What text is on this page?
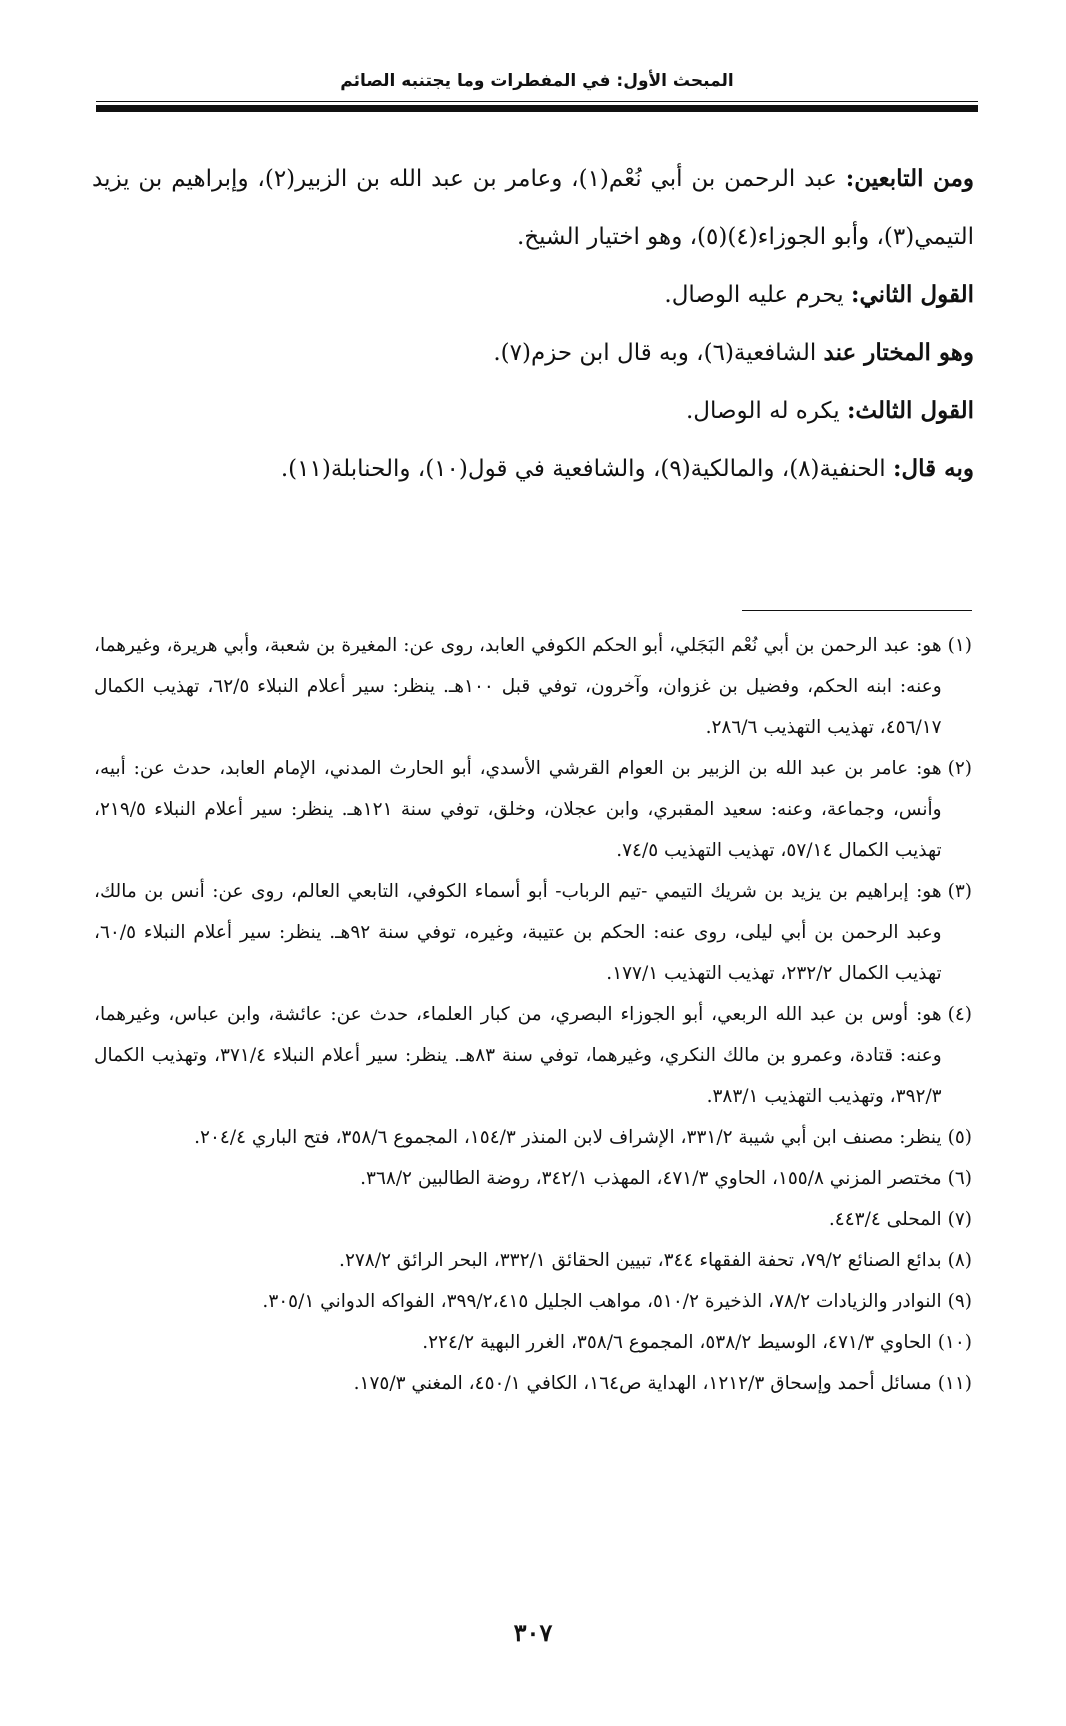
المبحث الأول: في المفطرات وما يجتنبه الصائم

ومن التابعين: عبد الرحمن بن أبي نُعْم(١)، وعامر بن عبد الله بن الزبير(٢)، وإبراهيم بن يزيد التيمي(٣)، وأبو الجوزاء(٤)(٥)، وهو اختيار الشيخ.

القول الثاني: يحرم عليه الوصال.

وهو المختار عند الشافعية(٦)، وبه قال ابن حزم(٧).

القول الثالث: يكره له الوصال.

وبه قال: الحنفية(٨)، والمالكية(٩)، والشافعية في قول(١٠)، والحنابلة(١١).

(١)
هو: عبد الرحمن بن أبي نُعْم البَجَلي، أبو الحكم الكوفي العابد، روى عن: المغيرة بن شعبة، وأبي هريرة، وغيرهما، وعنه: ابنه الحكم، وفضيل بن غزوان، وآخرون، توفي قبل ١٠٠هـ. ينظر: سير أعلام النبلاء ٦٢/٥، تهذيب الكمال ٤٥٦/١٧، تهذيب التهذيب ٢٨٦/٦.

(٢)
هو: عامر بن عبد الله بن الزبير بن العوام القرشي الأسدي، أبو الحارث المدني، الإمام العابد، حدث عن: أبيه، وأنس، وجماعة، وعنه: سعيد المقبري، وابن عجلان، وخلق، توفي سنة ١٢١هـ. ينظر: سير أعلام النبلاء ٢١٩/٥، تهذيب الكمال ٥٧/١٤، تهذيب التهذيب ٧٤/٥.

(٣)
هو: إبراهيم بن يزيد بن شريك التيمي -تيم الرباب- أبو أسماء الكوفي، التابعي العالم، روى عن: أنس بن مالك، وعبد الرحمن بن أبي ليلى، روى عنه: الحكم بن عتيبة، وغيره، توفي سنة ٩٢هـ. ينظر: سير أعلام النبلاء ٦٠/٥، تهذيب الكمال ٢٣٢/٢، تهذيب التهذيب ١٧٧/١.

(٤)
هو: أوس بن عبد الله الربعي، أبو الجوزاء البصري، من كبار العلماء، حدث عن: عائشة، وابن عباس، وغيرهما، وعنه: قتادة، وعمرو بن مالك النكري، وغيرهما، توفي سنة ٨٣هـ. ينظر: سير أعلام النبلاء ٣٧١/٤، وتهذيب الكمال ٣٩٢/٣، وتهذيب التهذيب ٣٨٣/١.

(٥)
ينظر: مصنف ابن أبي شيبة ٣٣١/٢، الإشراف لابن المنذر ١٥٤/٣، المجموع ٣٥٨/٦، فتح الباري ٢٠٤/٤.

(٦)
مختصر المزني ١٥٥/٨، الحاوي ٤٧١/٣، المهذب ٣٤٢/١، روضة الطالبين ٣٦٨/٢.

(٧)
المحلى ٤٤٣/٤.

(٨)
بدائع الصنائع ٧٩/٢، تحفة الفقهاء ٣٤٤، تبيين الحقائق ٣٣٢/١، البحر الرائق ٢٧٨/٢.

(٩)
النوادر والزيادات ٧٨/٢، الذخيرة ٥١٠/٢، مواهب الجليل ٣٩٩/٢،٤١٥، الفواكه الدواني ٣٠٥/١.

(١٠)
الحاوي ٤٧١/٣، الوسيط ٥٣٨/٢، المجموع ٣٥٨/٦، الغرر البهية ٢٢٤/٢.

(١١)
مسائل أحمد وإسحاق ١٢١٢/٣، الهداية ص١٦٤، الكافي ٤٥٠/١، المغني ١٧٥/٣.

٣٠٧
